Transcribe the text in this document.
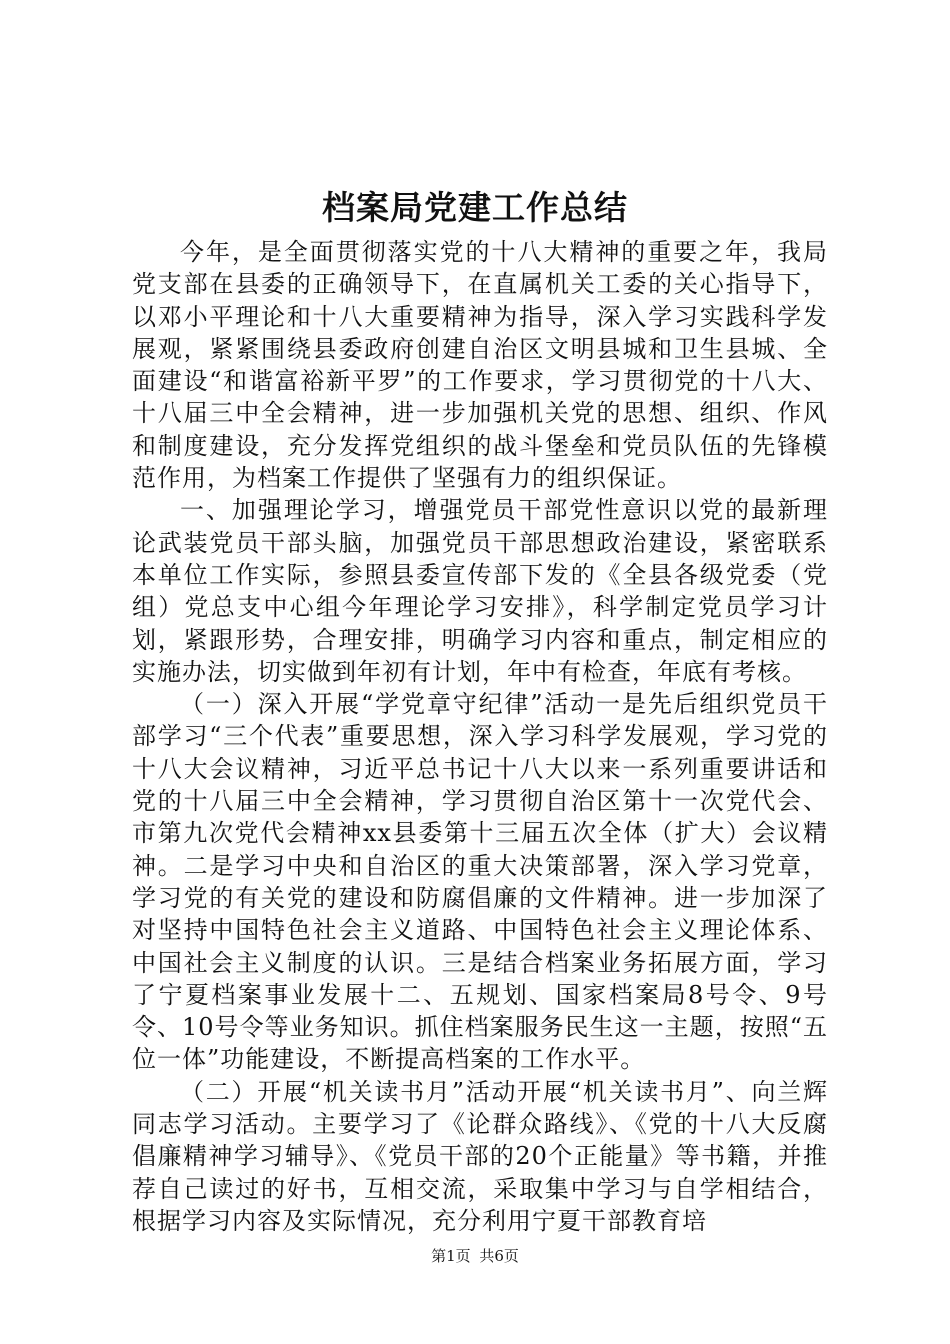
档案局党建工作总结

今年，是全面贯彻落实党的十八大精神的重要之年，我局党支部在县委的正确领导下，在直属机关工委的关心指导下，以邓小平理论和十八大重要精神为指导，深入学习实践科学发展观，紧紧围绕县委政府创建自治区文明县城和卫生县城、全面建设“和谐富裕新平罗”的工作要求，学习贯彻党的十八大、十八届三中全会精神，进一步加强机关党的思想、组织、作风和制度建设，充分发挥党组织的战斗堡垒和党员队伍的先锋模范作用，为档案工作提供了坚强有力的组织保证。

一、加强理论学习，增强党员干部党性意识以党的最新理论武装党员干部头脑，加强党员干部思想政治建设，紧密联系本单位工作实际，参照县委宣传部下发的《全县各级党委（党组）党总支中心组今年理论学习安排》，科学制定党员学习计划，紧跟形势，合理安排，明确学习内容和重点，制定相应的实施办法，切实做到年初有计划，年中有检查，年底有考核。

（一）深入开展“学党章守纪律”活动一是先后组织党员干部学习“三个代表”重要思想，深入学习科学发展观，学习党的十八大会议精神，习近平总书记十八大以来一系列重要讲话和党的十八届三中全会精神，学习贯彻自治区第十一次党代会、市第九次党代会精神xx县委第十三届五次全体（扩大）会议精神。二是学习中央和自治区的重大决策部署，深入学习党章，学习党的有关党的建设和防腐倡廉的文件精神。进一步加深了对坚持中国特色社会主义道路、中国特色社会主义理论体系、中国社会主义制度的认识。三是结合档案业务拓展方面，学习了宁夏档案事业发展十二、五规划、国家档案局8号令、9号令、10号令等业务知识。抓住档案服务民生这一主题，按照“五位一体”功能建设，不断提高档案的工作水平。

（二）开展“机关读书月”活动开展“机关读书月”、向兰辉同志学习活动。主要学习了《论群众路线》、《党的十八大反腐倡廉精神学习辅导》、《党员干部的20个正能量》等书籍，并推荐自己读过的好书，互相交流，采取集中学习与自学相结合，根据学习内容及实际情况，充分利用宁夏干部教育培

第1页 共6页
